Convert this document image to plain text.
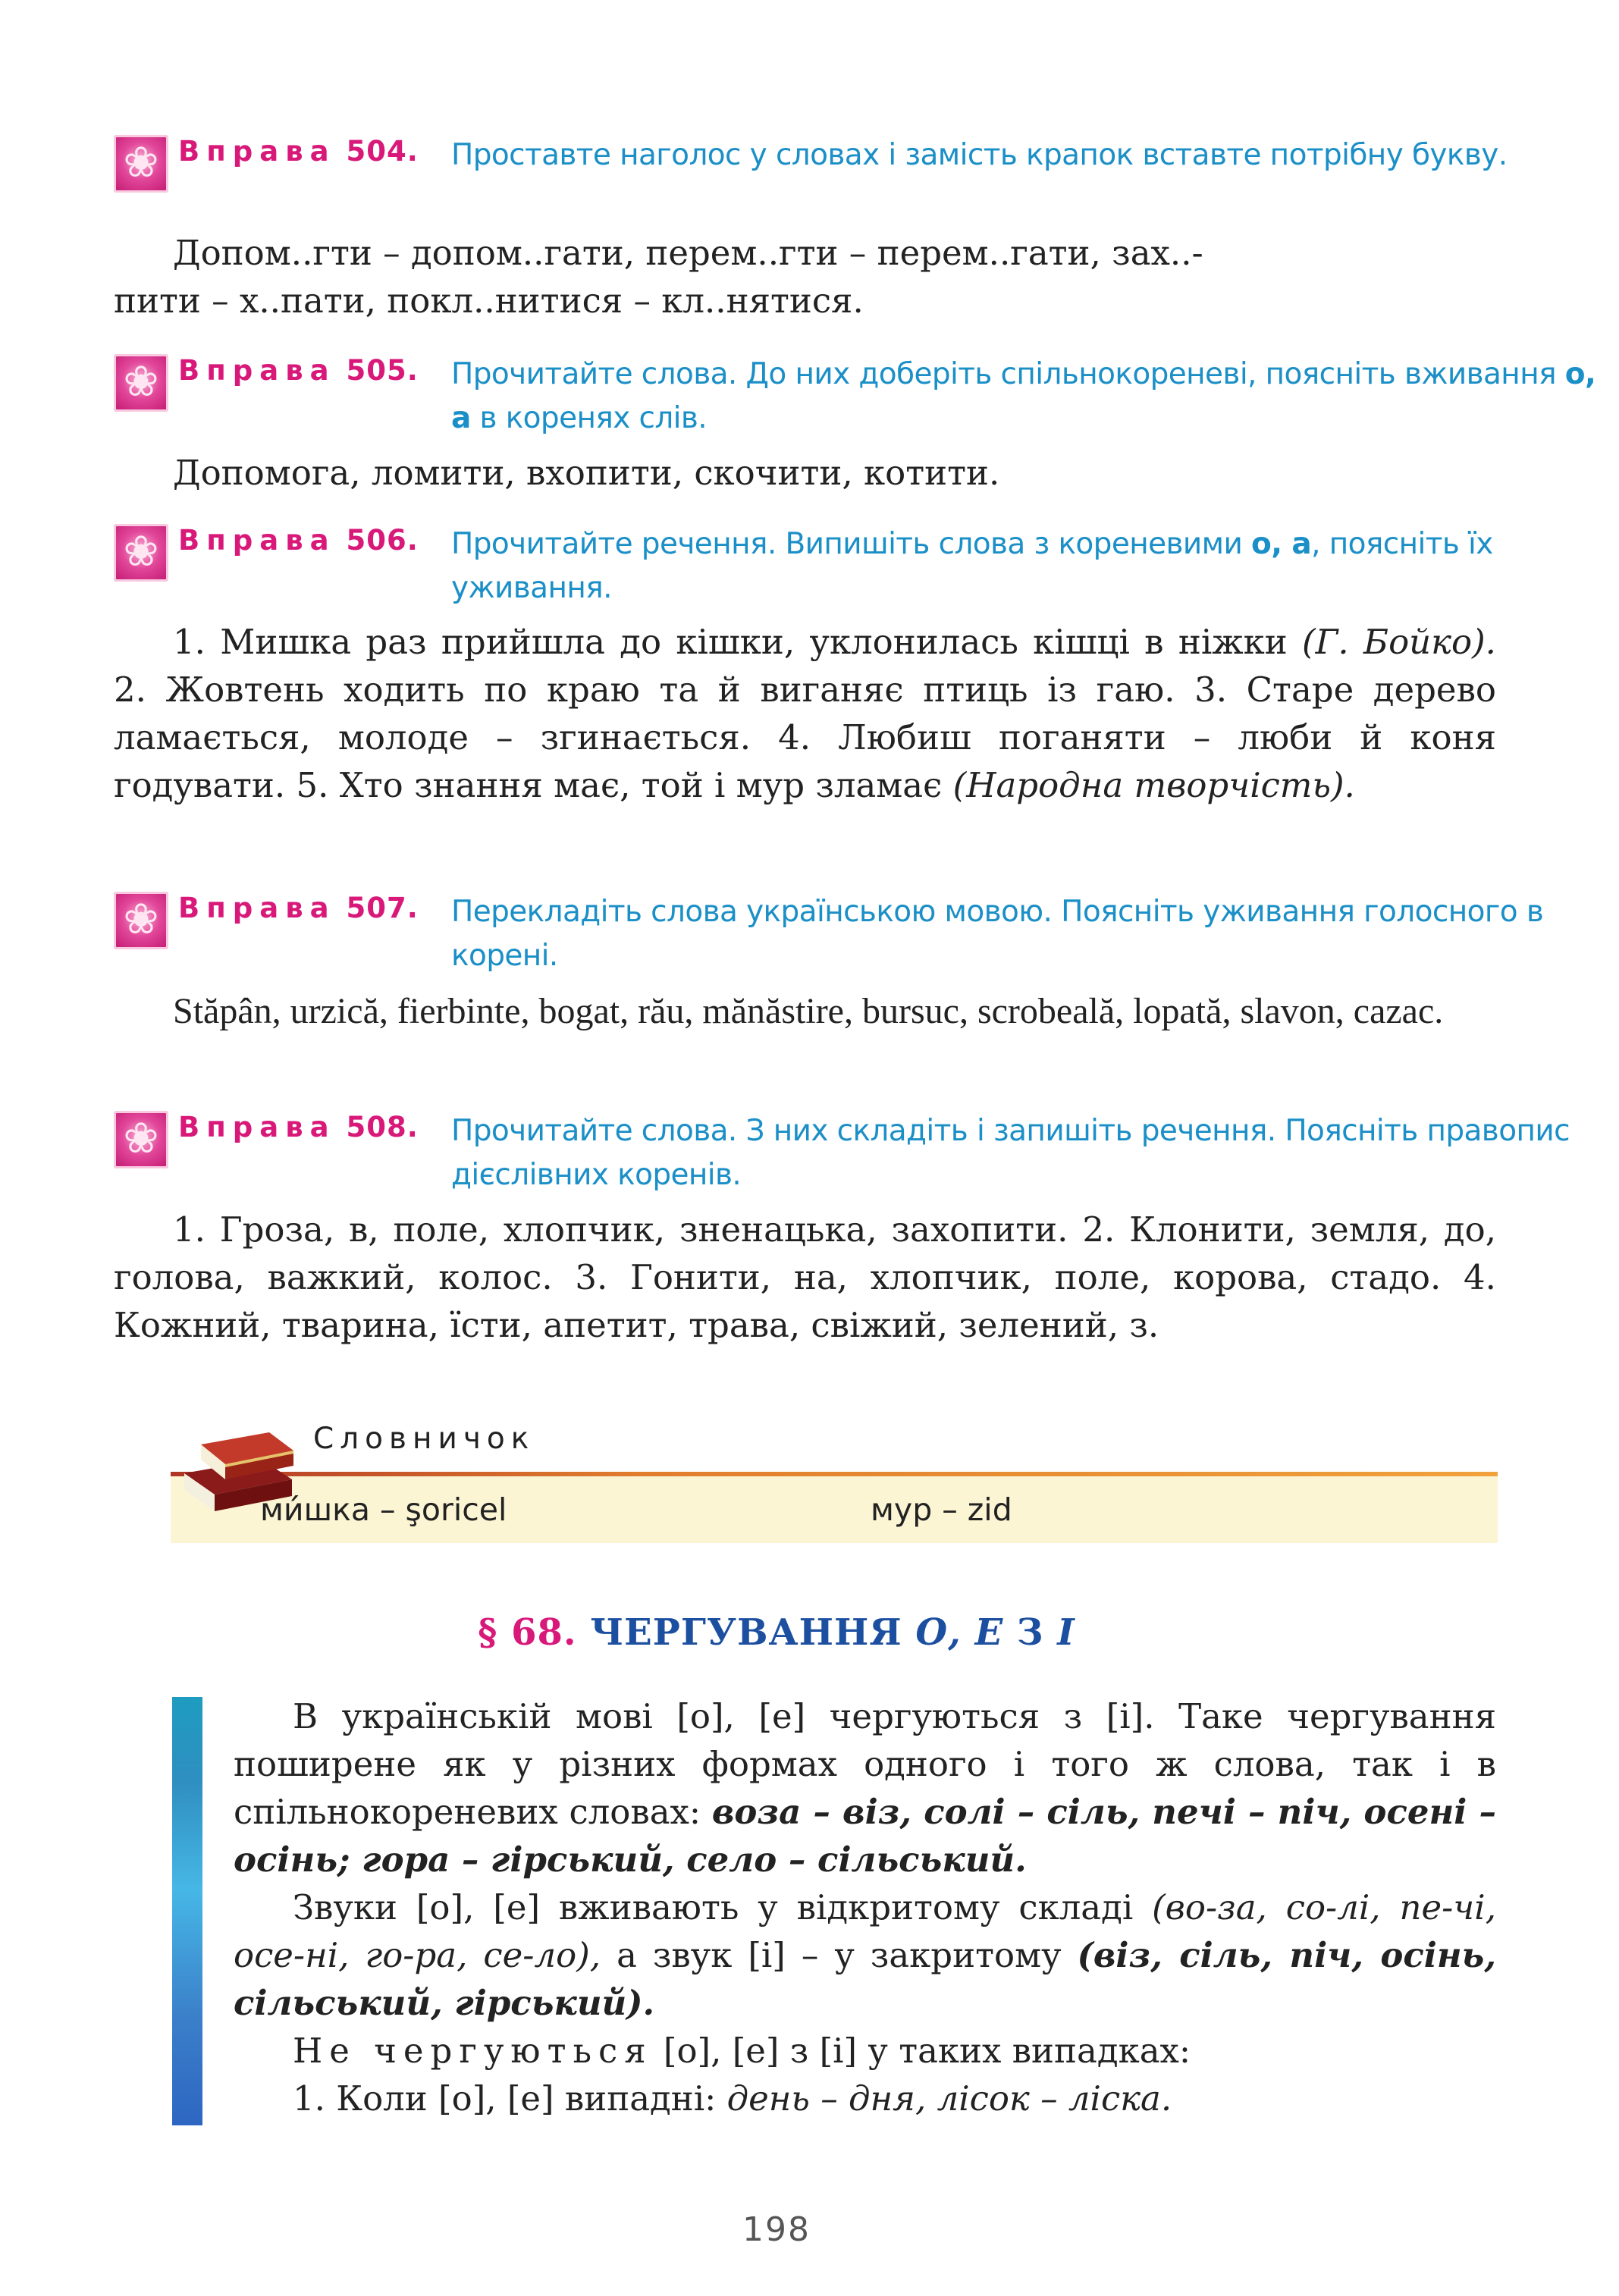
❀
Вправа 504. Проставте наголос у словах і замість крапок вставте потрібну букву.

Допом..гти – допом..гати, перем..гти – перем..гати, зах..-

пити – х..пати, покл..нитися – кл..нятися.

❀
Вправа 505. Прочитайте слова. До них доберіть спільнокореневі, поясніть вживання о, а в коренях слів.

Допомога, ломити, вхопити, скочити, котити.

❀
Вправа 506. Прочитайте речення. Випишіть слова з кореневими о, а, поясніть їх уживання.

1. Мишка раз прийшла до кішки, уклонилась кішці в ніжки (Г. Бойко). 2. Жовтень ходить по краю та й виганяє птиць із гаю. 3. Старе дерево ламається, молоде – згинається. 4. Любиш поганяти – люби й коня годувати. 5. Хто знання має, той і мур зламає (Народна творчість).

❀
Вправа 507. Перекладіть слова українською мовою. Поясніть уживання голосного в корені.

Stăpân, urzică, fierbinte, bogat, rău, mănăstire, bursuc, scrobeală, lopată, slavon, cazac.

❀
Вправа 508. Прочитайте слова. З них складіть і запишіть речення. Поясніть правопис дієслівних коренів.

1. Гроза, в, поле, хлопчик, зненацька, захопити. 2. Клонити, земля, до, голова, важкий, колос. 3. Гонити, на, хлопчик, поле, корова, стадо. 4. Кожний, тварина, їсти, апетит, трава, свіжий, зелений, з.

Словничок
ми́шка – şoricel	мур – zid
§ 68. ЧЕРГУВАННЯ О, Е З І

В українській мові [о], [е] чергуються з [і]. Таке чергування поширене як у різних формах одного і того ж слова, так і в спільнокореневих словах: воза – віз, солі – сіль, печі – піч, осені – осінь; гора – гірський, село – сільський.

Звуки [о], [е] вживають у відкритому складі (во-за, со-лі, пе-чі, осе-ні, го-ра, се-ло), а звук [і] – у закритому (віз, сіль, піч, осінь, сільський, гірський).

Не чергуються [о], [е] з [і] у таких випадках:

1. Коли [о], [е] випадні: день – дня, лісок – ліска.

198
